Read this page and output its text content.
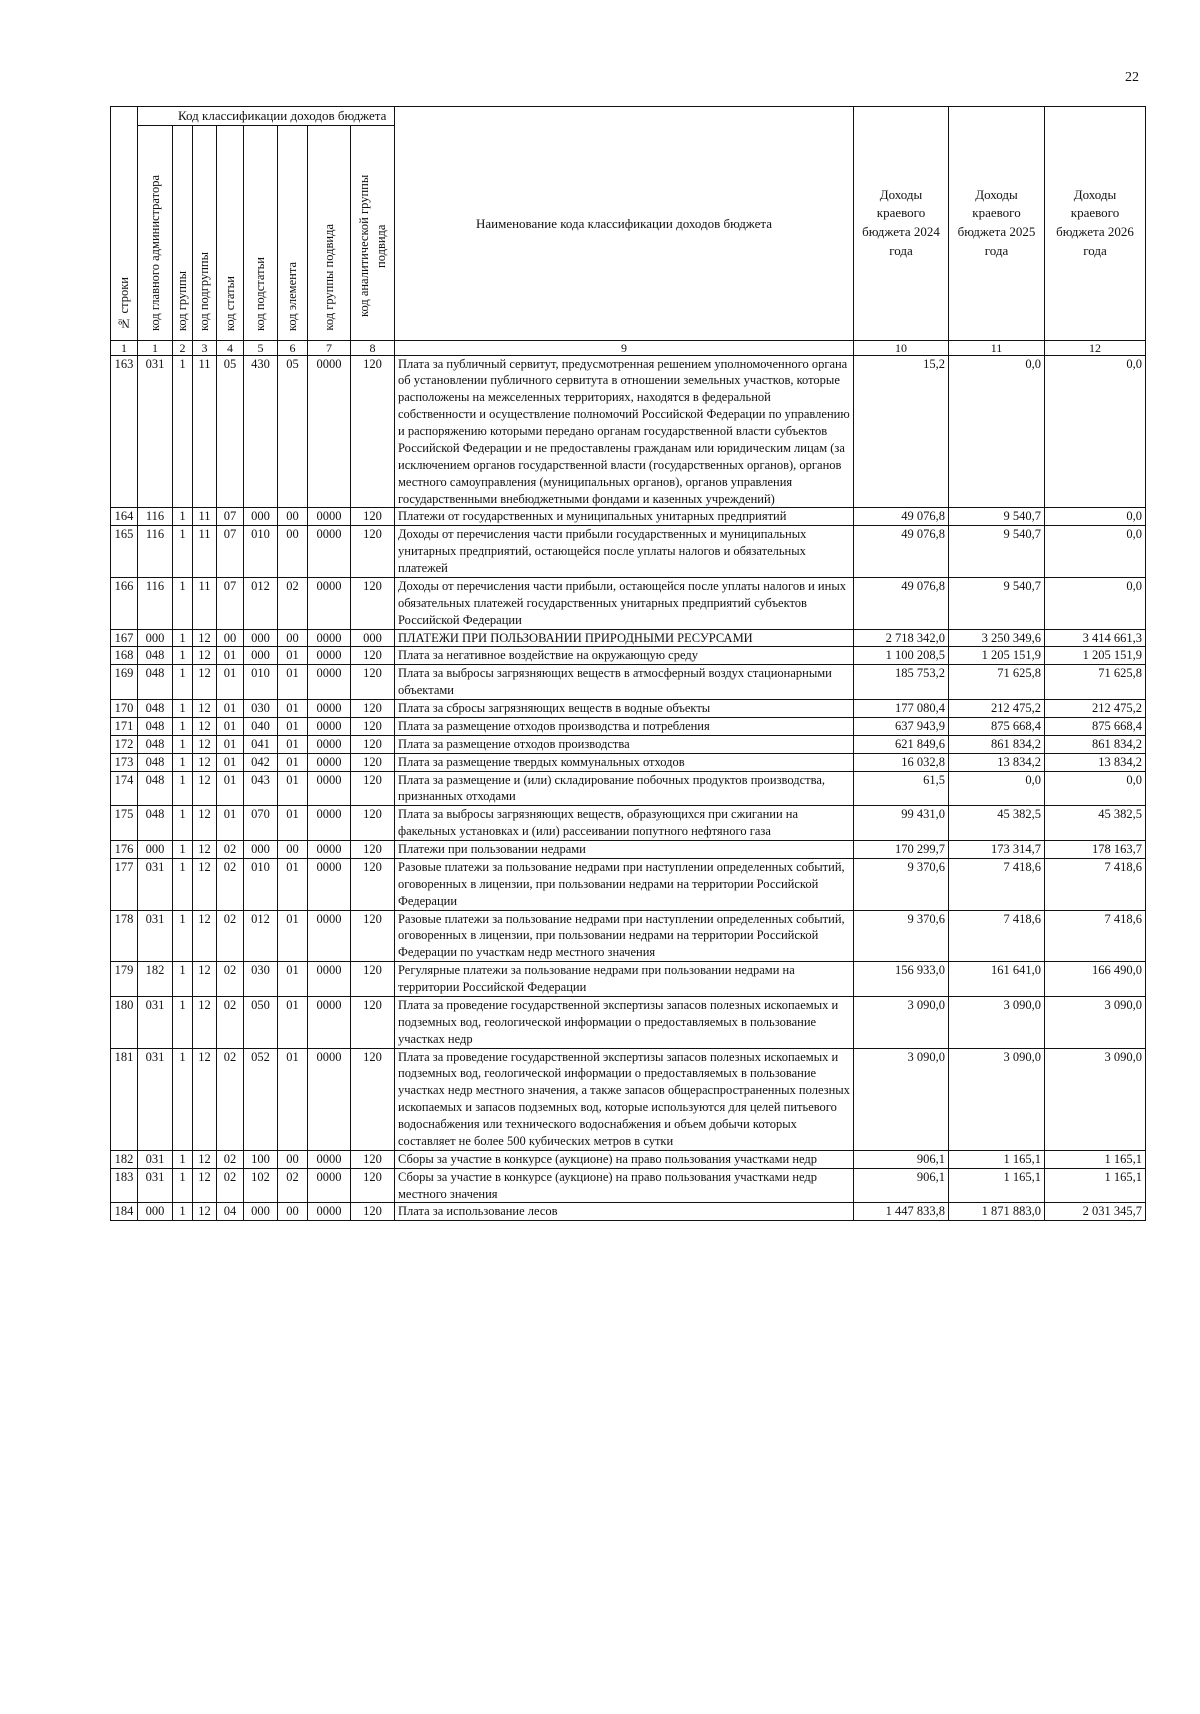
22
№ строки	Код классификации доходов бюджета								Наименование кода классификации доходов бюджета	Доходы краевого бюджета 2024 года	Доходы краевого бюджета 2025 года	Доходы краевого бюджета 2026 года
	код главного администратора	код группы	код подгруппы	код статьи	код подстатьи	код элемента	код группы подвида	код аналитической группы подвида				
1	1	2	3	4	5	6	7	8	9	10	11	12
163	031	1	11	05	430	05	0000	120	Плата за публичный сервитут, предусмотренная решением уполномоченного органа об установлении публичного сервитута в отношении земельных участков, которые расположены на межселенных территориях, находятся в федеральной собственности и осуществление полномочий Российской Федерации по управлению и распоряжению которыми передано органам государственной власти субъектов Российской Федерации и не предоставлены гражданам или юридическим лицам (за исключением органов государственной власти (государственных органов), органов местного самоуправления (муниципальных органов), органов управления государственными внебюджетными фондами и казенных учреждений)	15,2	0,0	0,0
164	116	1	11	07	000	00	0000	120	Платежи от государственных и муниципальных унитарных предприятий	49 076,8	9 540,7	0,0
165	116	1	11	07	010	00	0000	120	Доходы от перечисления части прибыли государственных и муниципальных унитарных предприятий, остающейся после уплаты налогов и обязательных платежей	49 076,8	9 540,7	0,0
166	116	1	11	07	012	02	0000	120	Доходы от перечисления части прибыли, остающейся после уплаты налогов и иных обязательных платежей государственных унитарных предприятий субъектов Российской Федерации	49 076,8	9 540,7	0,0
167	000	1	12	00	000	00	0000	000	ПЛАТЕЖИ ПРИ ПОЛЬЗОВАНИИ ПРИРОДНЫМИ РЕСУРСАМИ	2 718 342,0	3 250 349,6	3 414 661,3
168	048	1	12	01	000	01	0000	120	Плата за негативное воздействие на окружающую среду	1 100 208,5	1 205 151,9	1 205 151,9
169	048	1	12	01	010	01	0000	120	Плата за выбросы загрязняющих веществ в атмосферный воздух стационарными объектами	185 753,2	71 625,8	71 625,8
170	048	1	12	01	030	01	0000	120	Плата за сбросы загрязняющих веществ в водные объекты	177 080,4	212 475,2	212 475,2
171	048	1	12	01	040	01	0000	120	Плата за размещение отходов производства и потребления	637 943,9	875 668,4	875 668,4
172	048	1	12	01	041	01	0000	120	Плата за размещение отходов производства	621 849,6	861 834,2	861 834,2
173	048	1	12	01	042	01	0000	120	Плата за размещение твердых коммунальных отходов	16 032,8	13 834,2	13 834,2
174	048	1	12	01	043	01	0000	120	Плата за размещение и (или) складирование побочных продуктов производства, признанных отходами	61,5	0,0	0,0
175	048	1	12	01	070	01	0000	120	Плата за выбросы загрязняющих веществ, образующихся при сжигании на факельных установках и (или) рассеивании попутного нефтяного газа	99 431,0	45 382,5	45 382,5
176	000	1	12	02	000	00	0000	120	Платежи при пользовании недрами	170 299,7	173 314,7	178 163,7
177	031	1	12	02	010	01	0000	120	Разовые платежи за пользование недрами при наступлении определенных событий, оговоренных в лицензии, при пользовании недрами на территории Российской Федерации	9 370,6	7 418,6	7 418,6
178	031	1	12	02	012	01	0000	120	Разовые платежи за пользование недрами при наступлении определенных событий, оговоренных в лицензии, при пользовании недрами на территории Российской Федерации по участкам недр местного значения	9 370,6	7 418,6	7 418,6
179	182	1	12	02	030	01	0000	120	Регулярные платежи за пользование недрами при пользовании недрами на территории Российской Федерации	156 933,0	161 641,0	166 490,0
180	031	1	12	02	050	01	0000	120	Плата за проведение государственной экспертизы запасов полезных ископаемых и подземных вод, геологической информации о предоставляемых в пользование участках недр	3 090,0	3 090,0	3 090,0
181	031	1	12	02	052	01	0000	120	Плата за проведение государственной экспертизы запасов полезных ископаемых и подземных вод, геологической информации о предоставляемых в пользование участках недр местного значения, а также запасов общераспространенных полезных ископаемых и запасов подземных вод, которые используются для целей питьевого водоснабжения или технического водоснабжения и объем добычи которых составляет не более 500 кубических метров в сутки	3 090,0	3 090,0	3 090,0
182	031	1	12	02	100	00	0000	120	Сборы за участие в конкурсе (аукционе) на право пользования участками недр	906,1	1 165,1	1 165,1
183	031	1	12	02	102	02	0000	120	Сборы за участие в конкурсе (аукционе) на право пользования участками недр местного значения	906,1	1 165,1	1 165,1
184	000	1	12	04	000	00	0000	120	Плата за использование лесов	1 447 833,8	1 871 883,0	2 031 345,7
